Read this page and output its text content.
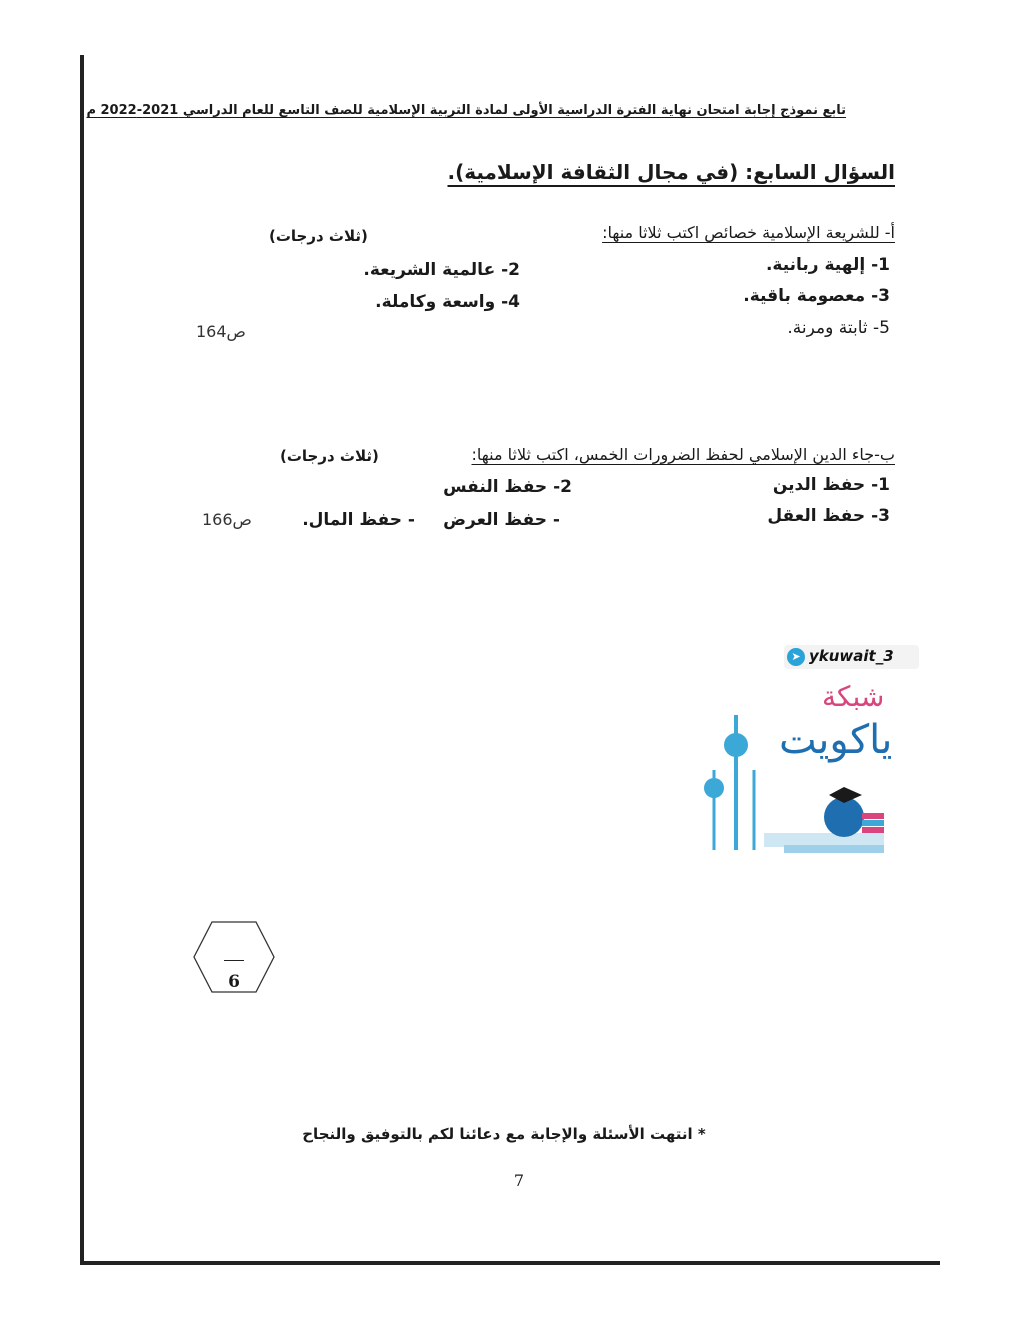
تابع نموذج إجابة امتحان نهاية الفترة الدراسية الأولى لمادة التربية الإسلامية للصف التاسع للعام الدراسي 2021-2022 م
السؤال السابع: (في مجال الثقافة الإسلامية).
أ- للشريعة الإسلامية خصائص اكتب ثلاثا منها:
(ثلاث درجات)
1- إلهية ربانية.
2- عالمية الشريعة.
3- معصومة باقية.
4- واسعة وكاملة.
5- ثابتة ومرنة.
ص164
ب-جاء الدين الإسلامي لحفظ الضرورات الخمس، اكتب ثلاثا منها:
(ثلاث درجات)
1- حفظ الدين
2- حفظ النفس
3- حفظ العقل
- حفظ العرض
- حفظ المال.
ص166
➤ ykuwait_3
شبكة
ياكويت
6
* انتهت الأسئلة والإجابة مع دعائنا لكم بالتوفيق والنجاح
7
